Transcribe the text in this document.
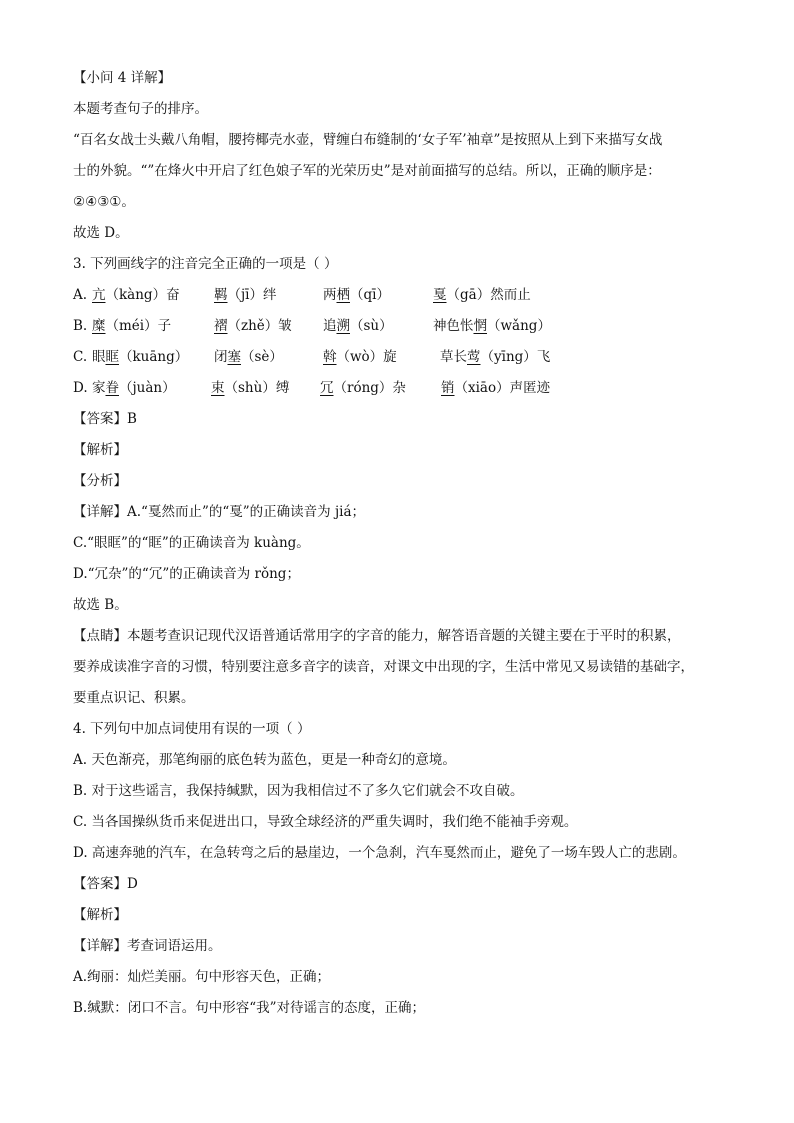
【小问 4 详解】
本题考查句子的排序。
“百名女战士头戴八角帽，腰挎椰壳水壶，臂缠白布缝制的‘女子军’袖章”是按照从上到下来描写女战
士的外貌。“”在烽火中开启了红色娘子军的光荣历史”是对前面描写的总结。所以，正确的顺序是：
②④③①。
故选 D。
3. 下列画线字的注音完全正确的一项是（ ）
A. 亢（kàng）奋	羁（jī）绊	两栖（qī）	戛（gā）然而止
B. 糜（méi）子	褶（zhě）皱 追溯（sù）	神色怅惘（wǎng）
C. 眼眶（kuāng） 闭塞（sè）	斡（wò）旋	草长莺（yīng）飞
D. 家眷（juàn）	束（shù）缚 冗（róng）杂	销（xiāo）声匿迹
【答案】B
【解析】
【分析】
【详解】A.“戛然而止”的“戛”的正确读音为 jiá；
C.“眼眶”的“眶”的正确读音为 kuàng。
D.“冗杂”的“冗”的正确读音为 rǒng；
故选 B。
【点睛】本题考查识记现代汉语普通话常用字的字音的能力，解答语音题的关键主要在于平时的积累，
要养成读准字音的习惯，特别要注意多音字的读音，对课文中出现的字，生活中常见又易读错的基础字，
要重点识记、积累。
4. 下列句中加点词使用有误的一项（ ）
A. 天色渐亮，那笔绚丽的底色转为蓝色，更是一种奇幻的意境。
B. 对于这些谣言，我保持缄默，因为我相信过不了多久它们就会不攻自破。
C. 当各国操纵货币来促进出口，导致全球经济的严重失调时，我们绝不能袖手旁观。
D. 高速奔驰的汽车，在急转弯之后的悬崖边，一个急刹，汽车戛然而止，避免了一场车毁人亡的悲剧。
【答案】D
【解析】
【详解】考查词语运用。
A.绚丽：灿烂美丽。句中形容天色，正确；
B.缄默：闭口不言。句中形容“我”对待谣言的态度，正确；
